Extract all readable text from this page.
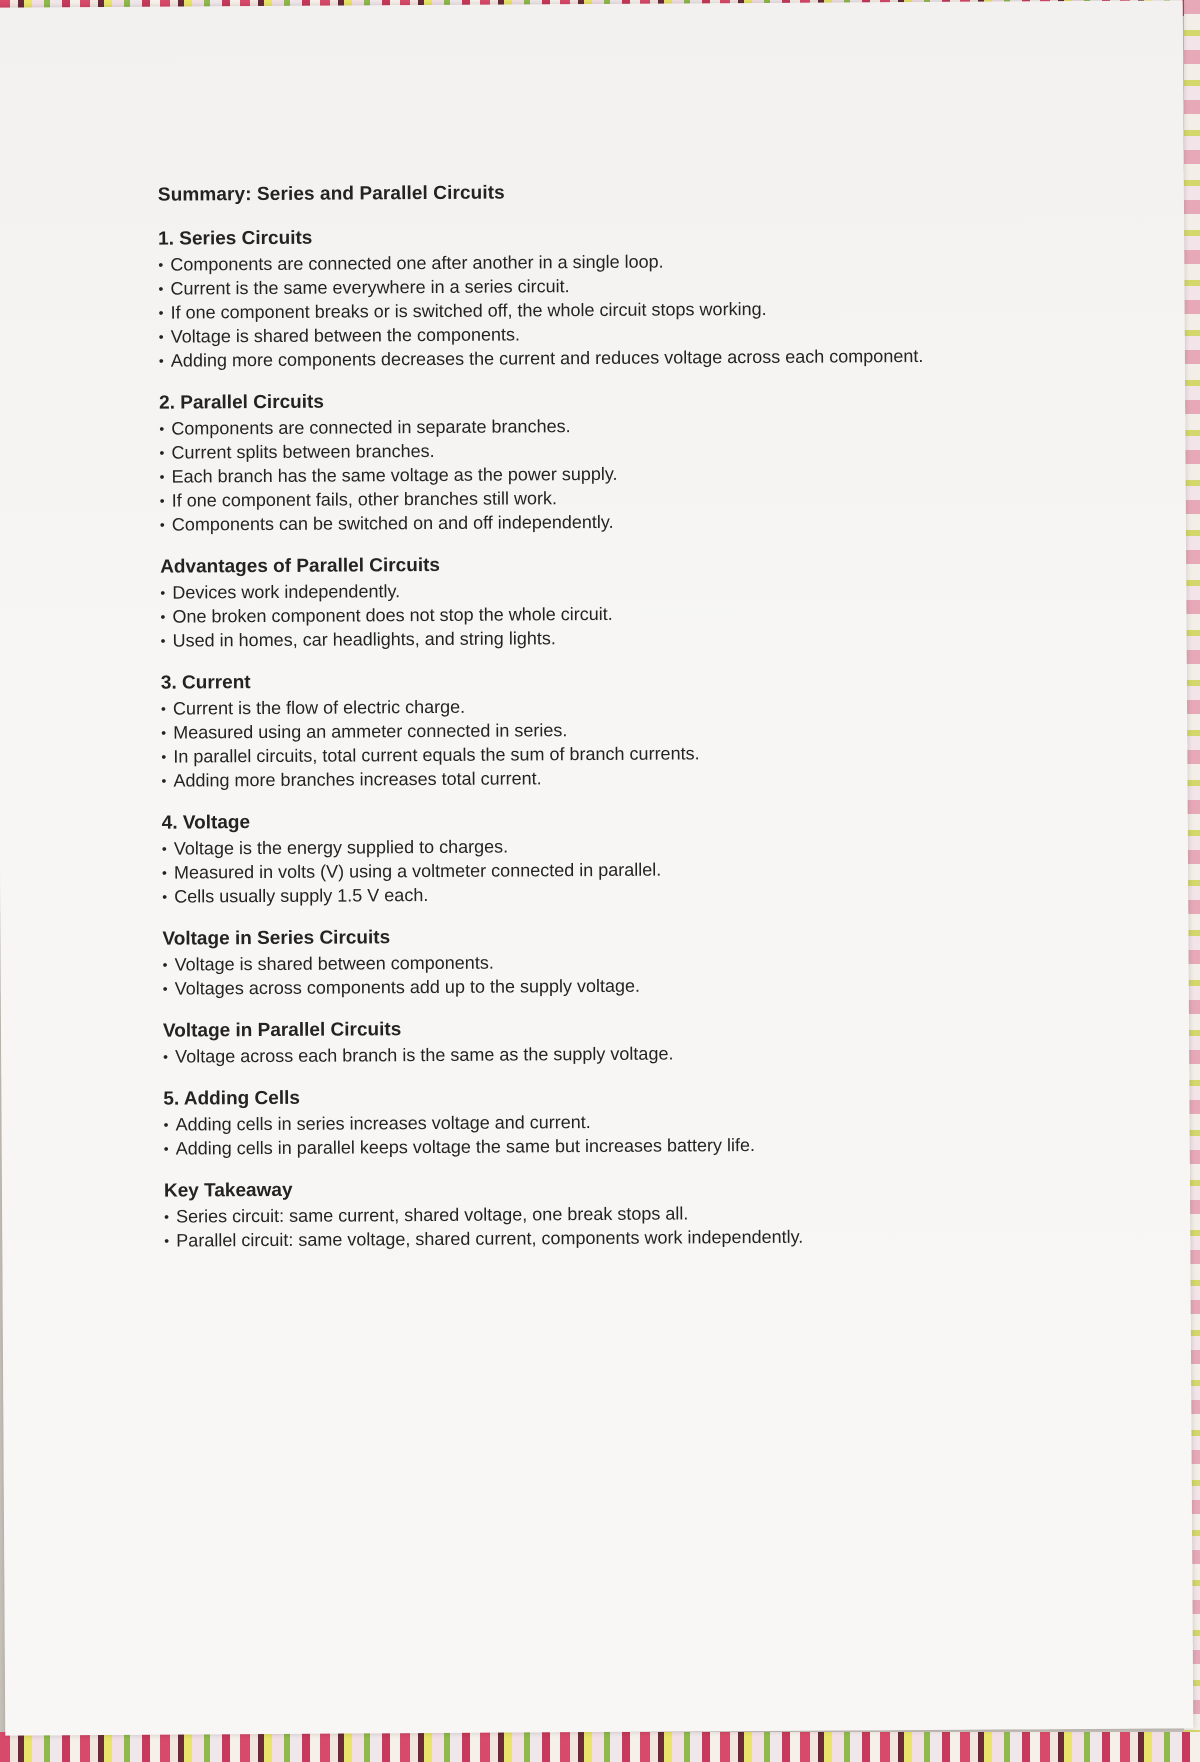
Summary: Series and Parallel Circuits
1. Series Circuits
• Components are connected one after another in a single loop.
• Current is the same everywhere in a series circuit.
• If one component breaks or is switched off, the whole circuit stops working.
• Voltage is shared between the components.
• Adding more components decreases the current and reduces voltage across each component.
2. Parallel Circuits
• Components are connected in separate branches.
• Current splits between branches.
• Each branch has the same voltage as the power supply.
• If one component fails, other branches still work.
• Components can be switched on and off independently.
Advantages of Parallel Circuits
• Devices work independently.
• One broken component does not stop the whole circuit.
• Used in homes, car headlights, and string lights.
3. Current
• Current is the flow of electric charge.
• Measured using an ammeter connected in series.
• In parallel circuits, total current equals the sum of branch currents.
• Adding more branches increases total current.
4. Voltage
• Voltage is the energy supplied to charges.
• Measured in volts (V) using a voltmeter connected in parallel.
• Cells usually supply 1.5 V each.
Voltage in Series Circuits
• Voltage is shared between components.
• Voltages across components add up to the supply voltage.
Voltage in Parallel Circuits
• Voltage across each branch is the same as the supply voltage.
5. Adding Cells
• Adding cells in series increases voltage and current.
• Adding cells in parallel keeps voltage the same but increases battery life.
Key Takeaway
• Series circuit: same current, shared voltage, one break stops all.
• Parallel circuit: same voltage, shared current, components work independently.
